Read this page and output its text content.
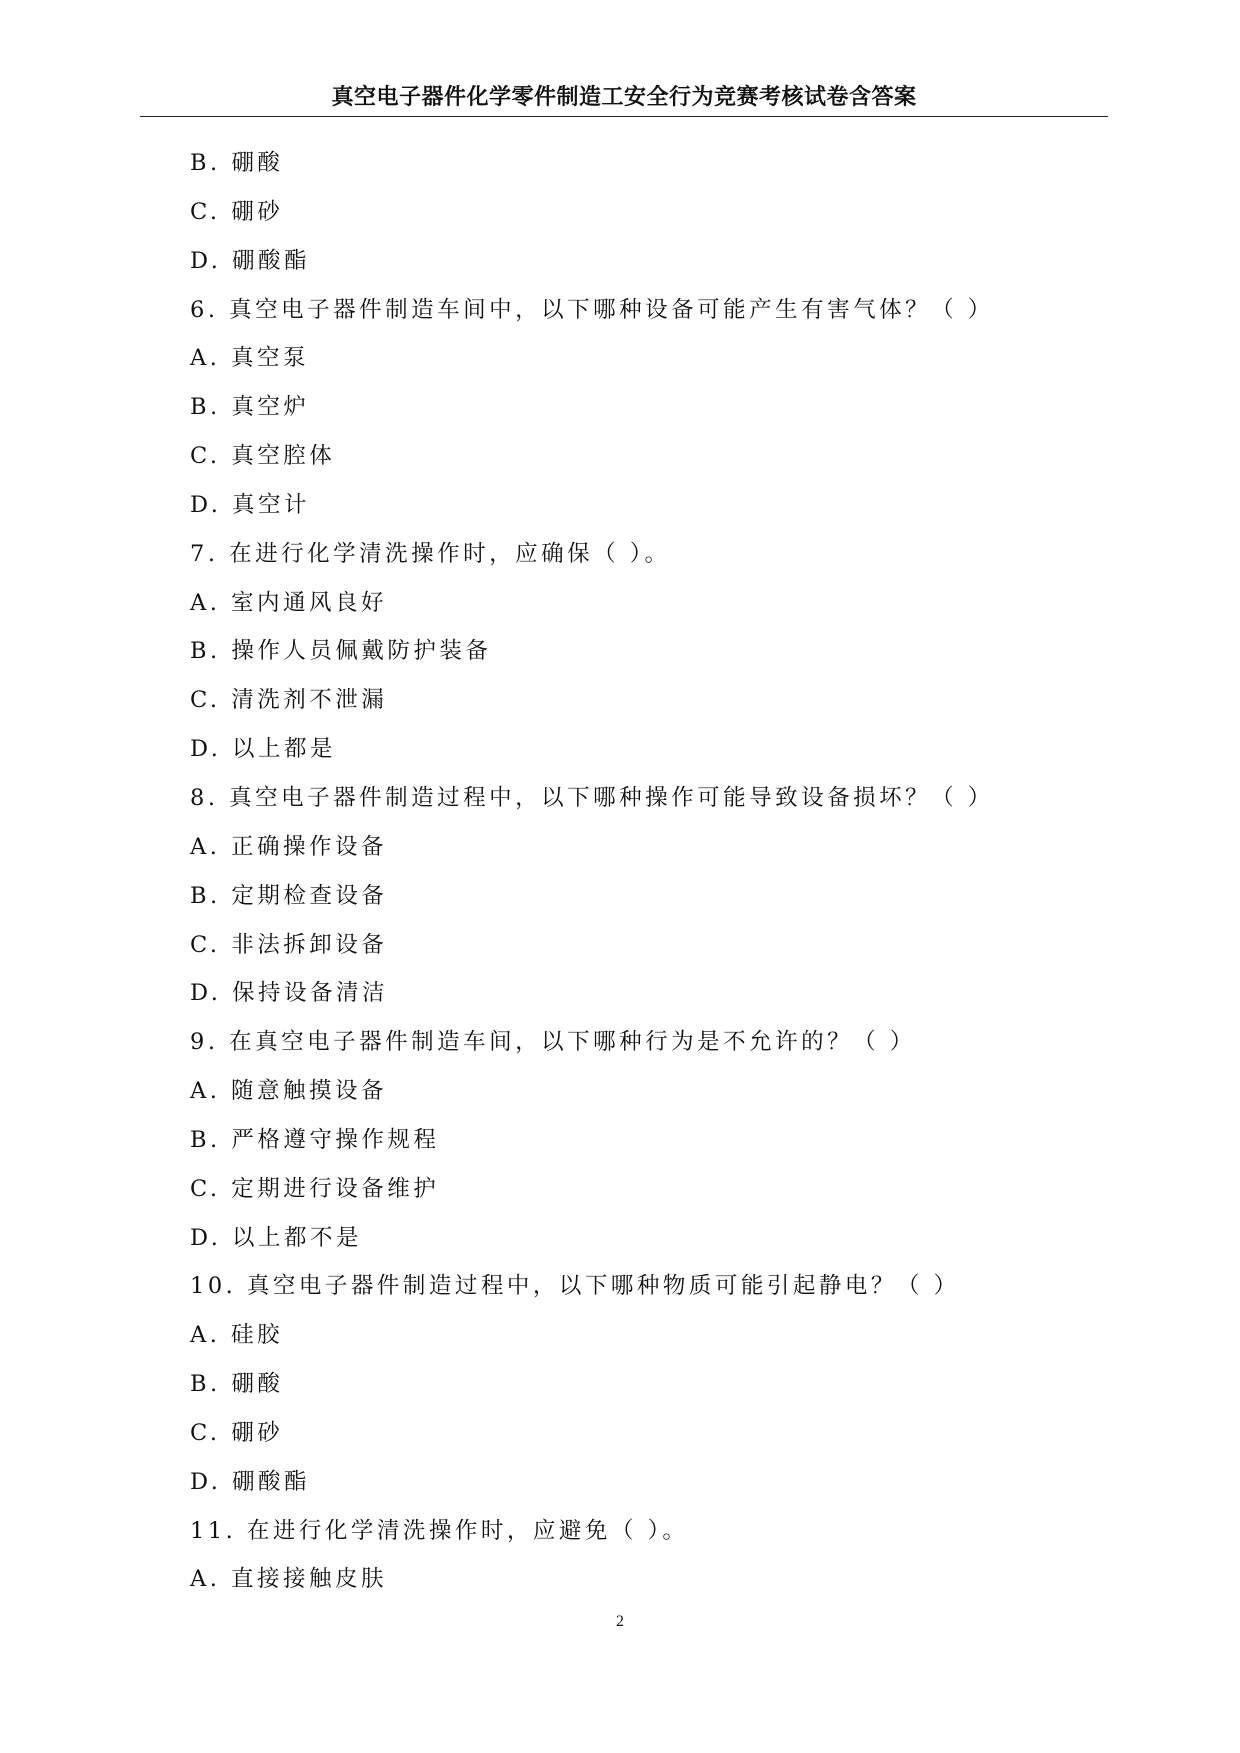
真空电子器件化学零件制造工安全行为竞赛考核试卷含答案
B. 硼酸
C. 硼砂
D. 硼酸酯
6. 真空电子器件制造车间中，以下哪种设备可能产生有害气体？（ ）
A. 真空泵
B. 真空炉
C. 真空腔体
D. 真空计
7. 在进行化学清洗操作时，应确保（ ）。
A. 室内通风良好
B. 操作人员佩戴防护装备
C. 清洗剂不泄漏
D. 以上都是
8. 真空电子器件制造过程中，以下哪种操作可能导致设备损坏？（ ）
A. 正确操作设备
B. 定期检查设备
C. 非法拆卸设备
D. 保持设备清洁
9. 在真空电子器件制造车间，以下哪种行为是不允许的？（ ）
A. 随意触摸设备
B. 严格遵守操作规程
C. 定期进行设备维护
D. 以上都不是
10. 真空电子器件制造过程中，以下哪种物质可能引起静电？（ ）
A. 硅胶
B. 硼酸
C. 硼砂
D. 硼酸酯
11. 在进行化学清洗操作时，应避免（ ）。
A. 直接接触皮肤
2
